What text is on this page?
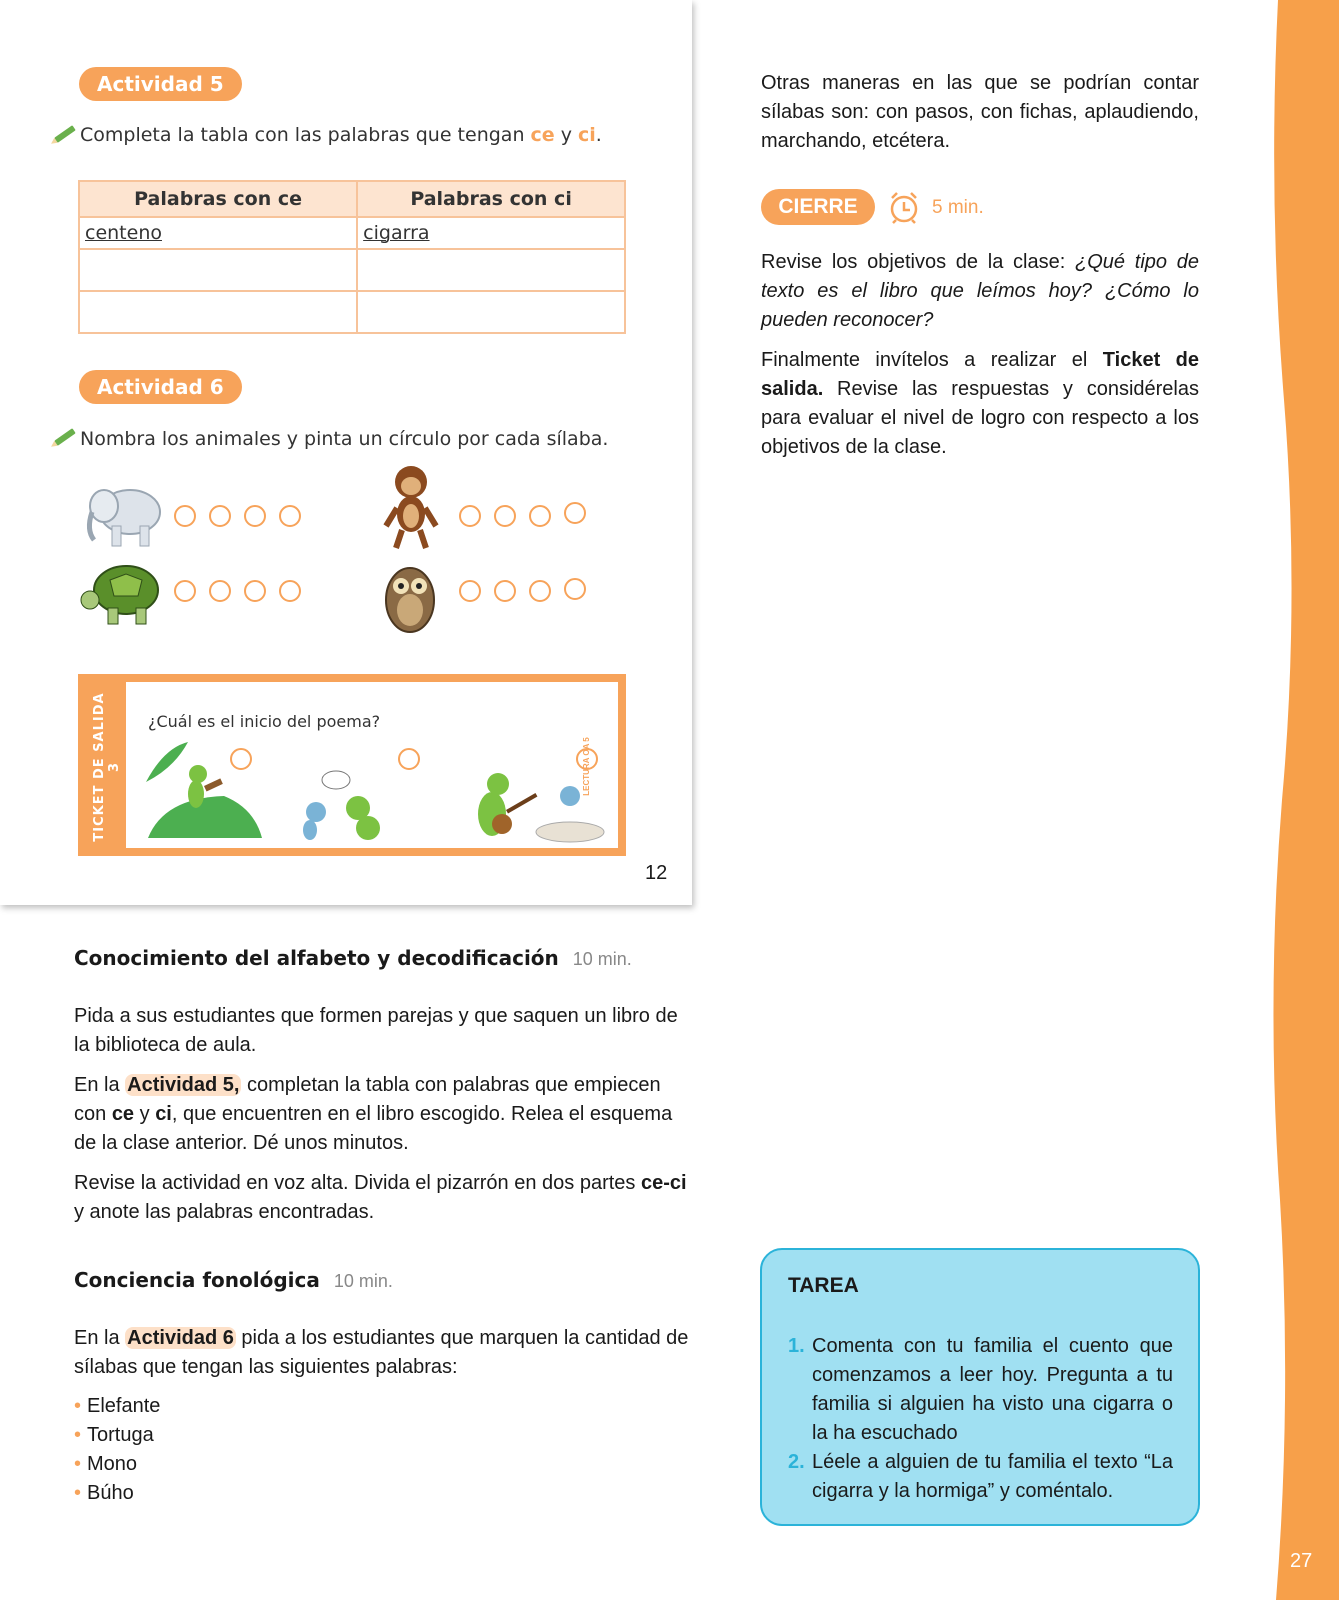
Actividad 5
Completa la tabla con las palabras que tengan ce y ci.
Palabras con ce	Palabras con ci
centeno	cigarra

Actividad 6
Nombra los animales y pinta un círculo por cada sílaba.
TICKET DE SALIDA 3	LECTURA OA 5
¿Cuál es el inicio del poema?
12
Otras maneras en las que se podrían contar sílabas son: con pasos, con fichas, aplaudiendo, marchando, etcétera.
CIERRE	5 min.
Revise los objetivos de la clase: ¿Qué tipo de texto es el libro que leímos hoy? ¿Cómo lo pueden reconocer?
Finalmente invítelos a realizar el Ticket de salida. Revise las respuestas y considérelas para evaluar el nivel de logro con respecto a los objetivos de la clase.
Conocimiento del alfabeto y decodificación 10 min.
Pida a sus estudiantes que formen parejas y que saquen un libro de la biblioteca de aula.
En la Actividad 5, completan la tabla con palabras que empiecen con ce y ci, que encuentren en el libro escogido. Relea el esquema de la clase anterior. Dé unos minutos.
Revise la actividad en voz alta. Divida el pizarrón en dos partes ce-ci y anote las palabras encontradas.
Conciencia fonológica 10 min.
En la Actividad 6 pida a los estudiantes que marquen la cantidad de sílabas que tengan las siguientes palabras:
• Elefante
• Tortuga
• Mono
• Búho
TAREA
1. Comenta con tu familia el cuento que comenzamos a leer hoy. Pregunta a tu familia si alguien ha visto una cigarra o la ha escuchado
2. Léele a alguien de tu familia el texto “La cigarra y la hormiga” y coméntalo.
27
